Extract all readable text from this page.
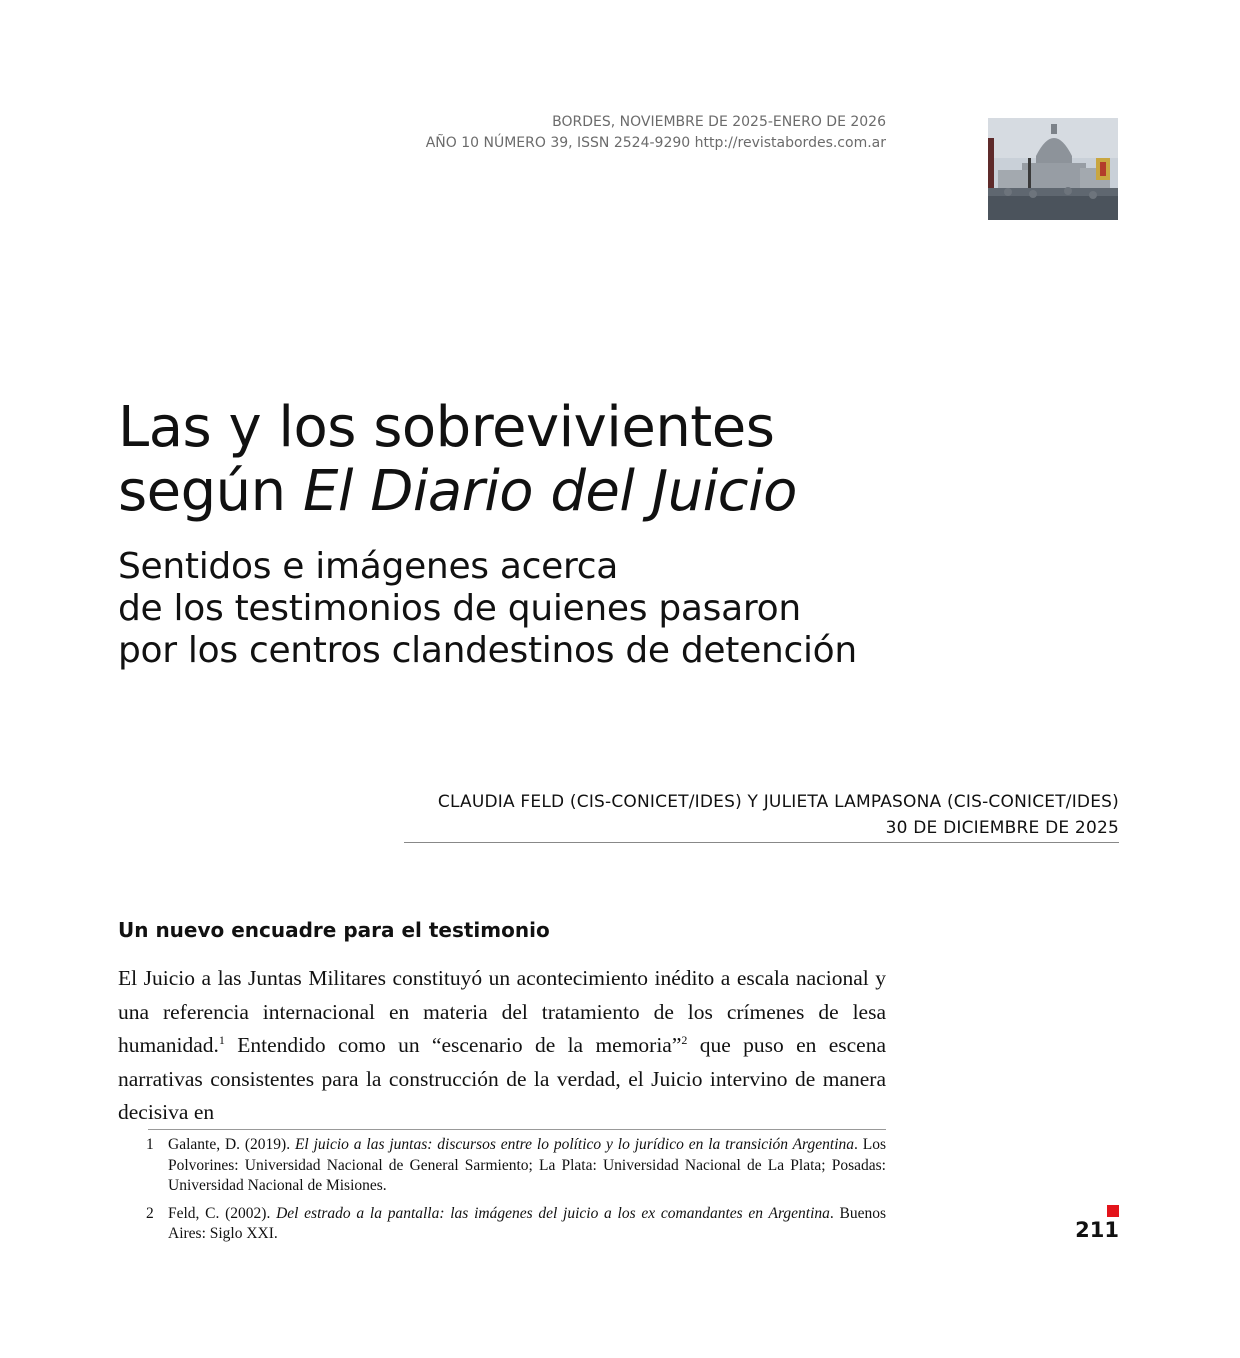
BORDES, NOVIEMBRE DE 2025-ENERO DE 2026
AÑO 10 NÚMERO 39, ISSN 2524-9290 http://revistabordes.com.ar
Las y los sobrevivientes
según El Diario del Juicio
Sentidos e imágenes acerca
de los testimonios de quienes pasaron
por los centros clandestinos de detención
CLAUDIA FELD (CIS-CONICET/IDES) Y JULIETA LAMPASONA (CIS-CONICET/IDES)
30 DE DICIEMBRE DE 2025
Un nuevo encuadre para el testimonio

El Juicio a las Juntas Militares constituyó un acontecimiento inédito a escala nacional y una referencia internacional en materia del tratamiento de los crímenes de lesa humanidad.$^1$ Entendido como un “escenario de la memoria”$^2$ que puso en escena narrativas consistentes para la construcción de la verdad, el Juicio intervino de manera decisiva en

1 Galante, D. (2019). El juicio a las juntas: discursos entre lo político y lo jurídico en la transición Argentina. Los Polvorines: Universidad Nacional de General Sarmiento; La Plata: Universidad Nacional de La Plata; Posadas: Universidad Nacional de Misiones.
2 Feld, C. (2002). Del estrado a la pantalla: las imágenes del juicio a los ex comandantes en Argentina. Buenos Aires: Siglo XXI.	211
